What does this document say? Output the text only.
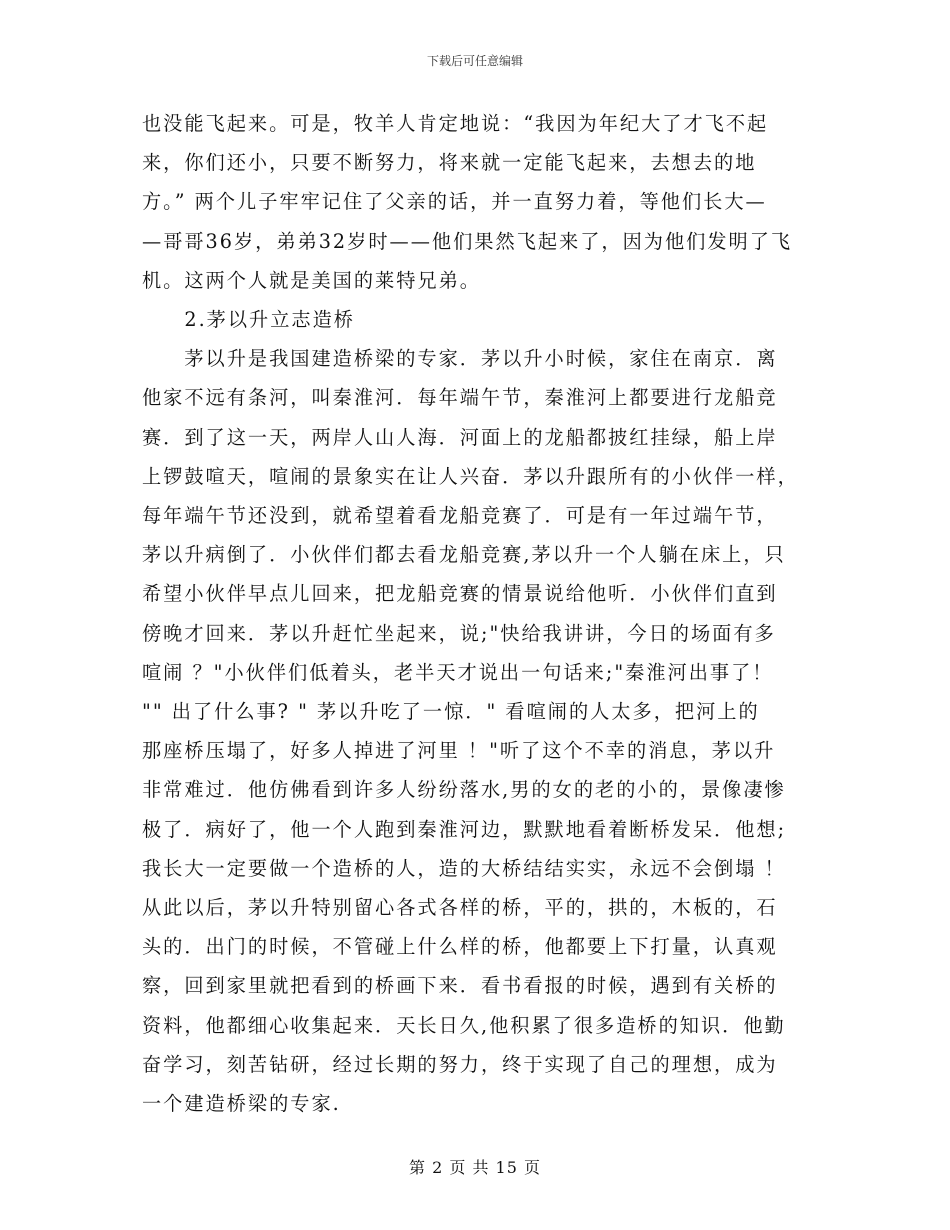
下载后可任意编辑
也没能飞起来。可是，牧羊人肯定地说：“我因为年纪大了才飞不起
来，你们还小，只要不断努力，将来就一定能飞起来，去想去的地
方。” 两个儿子牢牢记住了父亲的话，并一直努力着，等他们长大—
—哥哥36岁，弟弟32岁时——他们果然飞起来了，因为他们发明了飞
机。这两个人就是美国的莱特兄弟。
　　2.茅以升立志造桥
　　茅以升是我国建造桥梁的专家．茅以升小时候，家住在南京．离
他家不远有条河，叫秦淮河．每年端午节，秦淮河上都要进行龙船竞
赛．到了这一天，两岸人山人海．河面上的龙船都披红挂绿，船上岸
上锣鼓喧天，喧闹的景象实在让人兴奋．茅以升跟所有的小伙伴一样，
每年端午节还没到，就希望着看龙船竞赛了．可是有一年过端午节，
茅以升病倒了．小伙伴们都去看龙船竞赛,茅以升一个人躺在床上，只
希望小伙伴早点儿回来，把龙船竞赛的情景说给他听．小伙伴们直到
傍晚才回来．茅以升赶忙坐起来，说;"快给我讲讲，今日的场面有多
喧闹 ？"小伙伴们低着头，老半天才说出一句话来;"秦淮河出事了！
"" 出了什么事? " 茅以升吃了一惊．" 看喧闹的人太多，把河上的
那座桥压塌了，好多人掉进了河里 ！"听了这个不幸的消息，茅以升
非常难过．他仿佛看到许多人纷纷落水,男的女的老的小的，景像凄惨
极了．病好了，他一个人跑到秦淮河边，默默地看着断桥发呆．他想;
我长大一定要做一个造桥的人，造的大桥结结实实，永远不会倒塌 ！
从此以后，茅以升特别留心各式各样的桥，平的，拱的，木板的，石
头的．出门的时候，不管碰上什么样的桥，他都要上下打量，认真观
察，回到家里就把看到的桥画下来．看书看报的时候，遇到有关桥的
资料，他都细心收集起来．天长日久,他积累了很多造桥的知识．他勤
奋学习，刻苦钻研，经过长期的努力，终于实现了自己的理想，成为
一个建造桥梁的专家.
第 2 页 共 15 页
